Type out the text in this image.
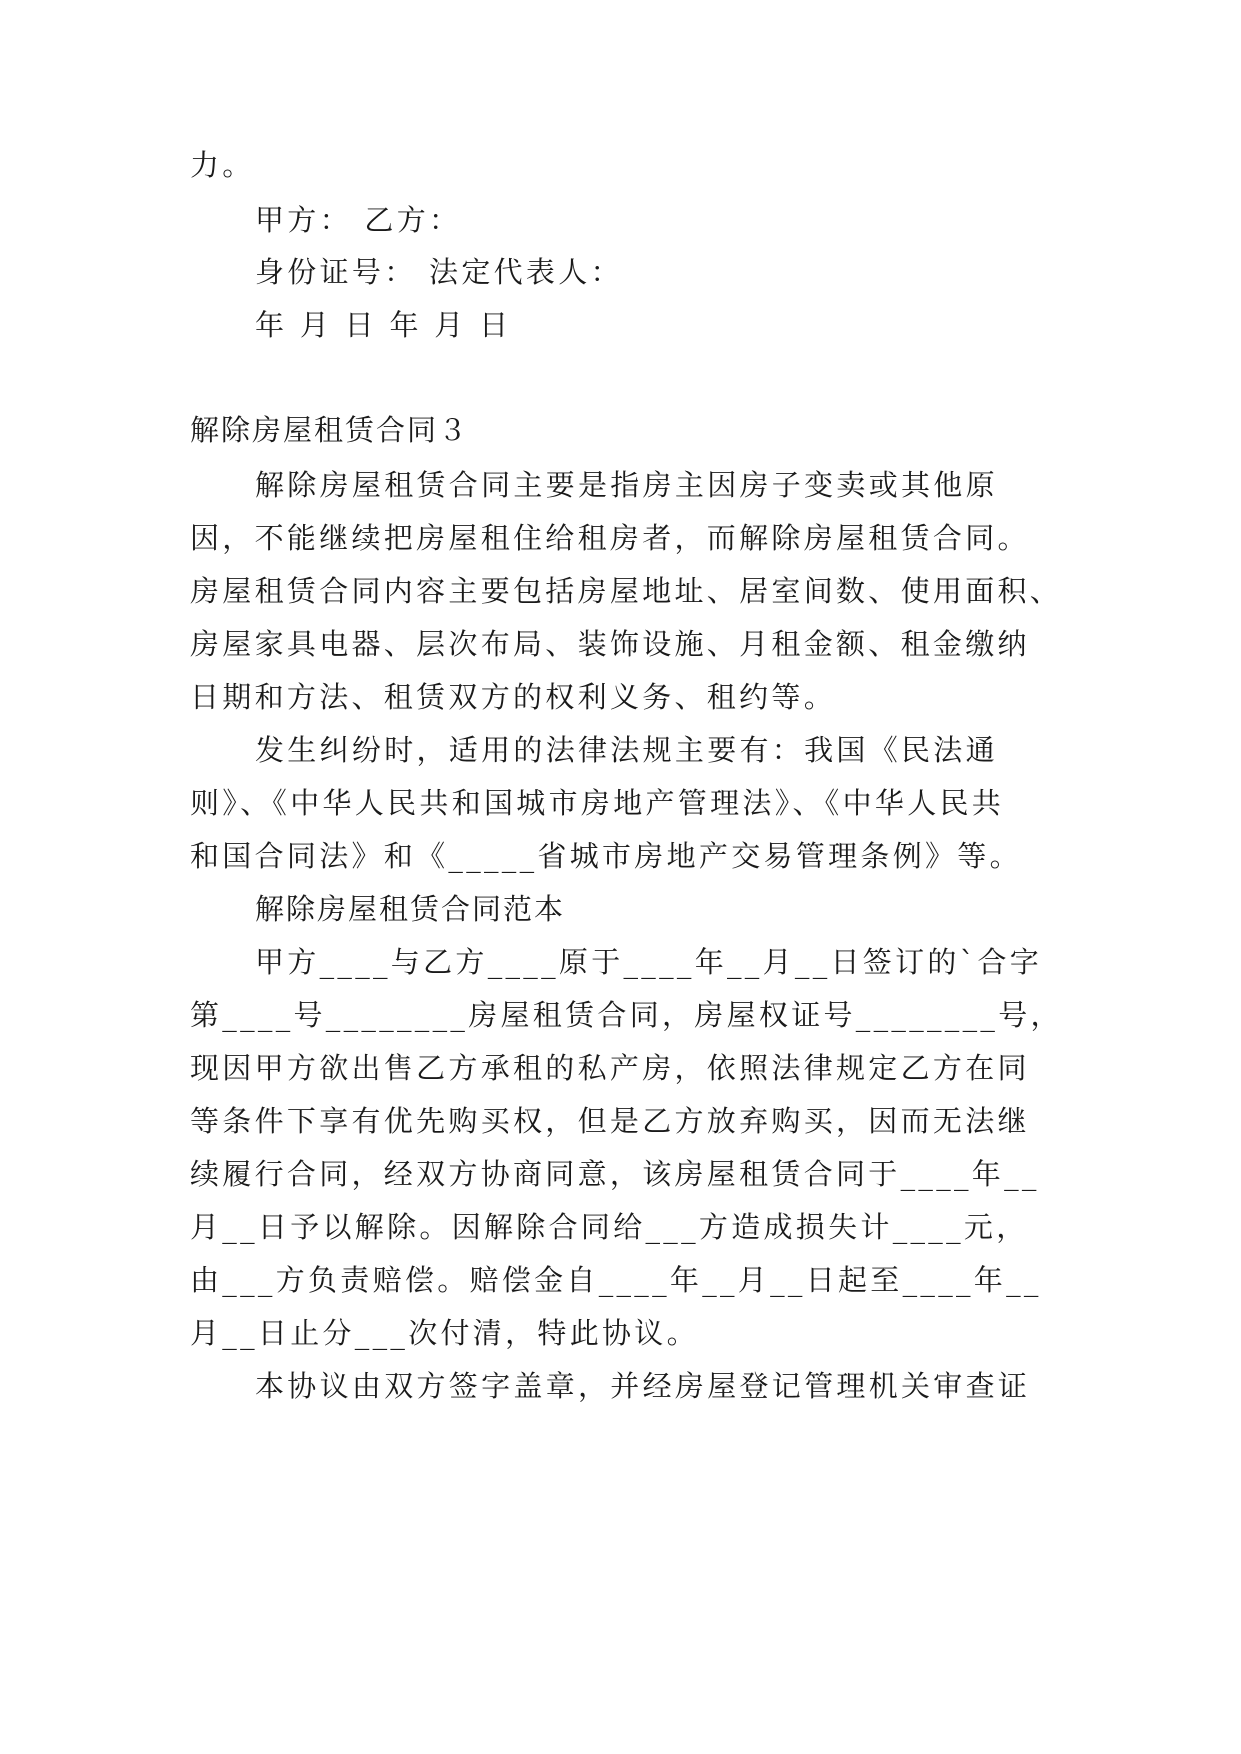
力。
甲方： 乙方：
身份证号： 法定代表人：
年 月 日 年 月 日
解除房屋租赁合同３
解除房屋租赁合同主要是指房主因房子变卖或其他原
因，不能继续把房屋租住给租房者，而解除房屋租赁合同。
房屋租赁合同内容主要包括房屋地址、居室间数、使用面积、
房屋家具电器、层次布局、装饰设施、月租金额、租金缴纳
日期和方法、租赁双方的权利义务、租约等。
发生纠纷时，适用的法律法规主要有：我国《民法通
则》、《中华人民共和国城市房地产管理法》、《中华人民共
和国合同法》和《_____省城市房地产交易管理条例》等。
解除房屋租赁合同范本
甲方____与乙方____原于____年__月__日签订的`合字
第____号________房屋租赁合同，房屋权证号________号，
现因甲方欲出售乙方承租的私产房，依照法律规定乙方在同
等条件下享有优先购买权，但是乙方放弃购买，因而无法继
续履行合同，经双方协商同意，该房屋租赁合同于____年__
月__日予以解除。因解除合同给___方造成损失计____元，
由___方负责赔偿。赔偿金自____年__月__日起至____年__
月__日止分___次付清，特此协议。
本协议由双方签字盖章，并经房屋登记管理机关审查证
